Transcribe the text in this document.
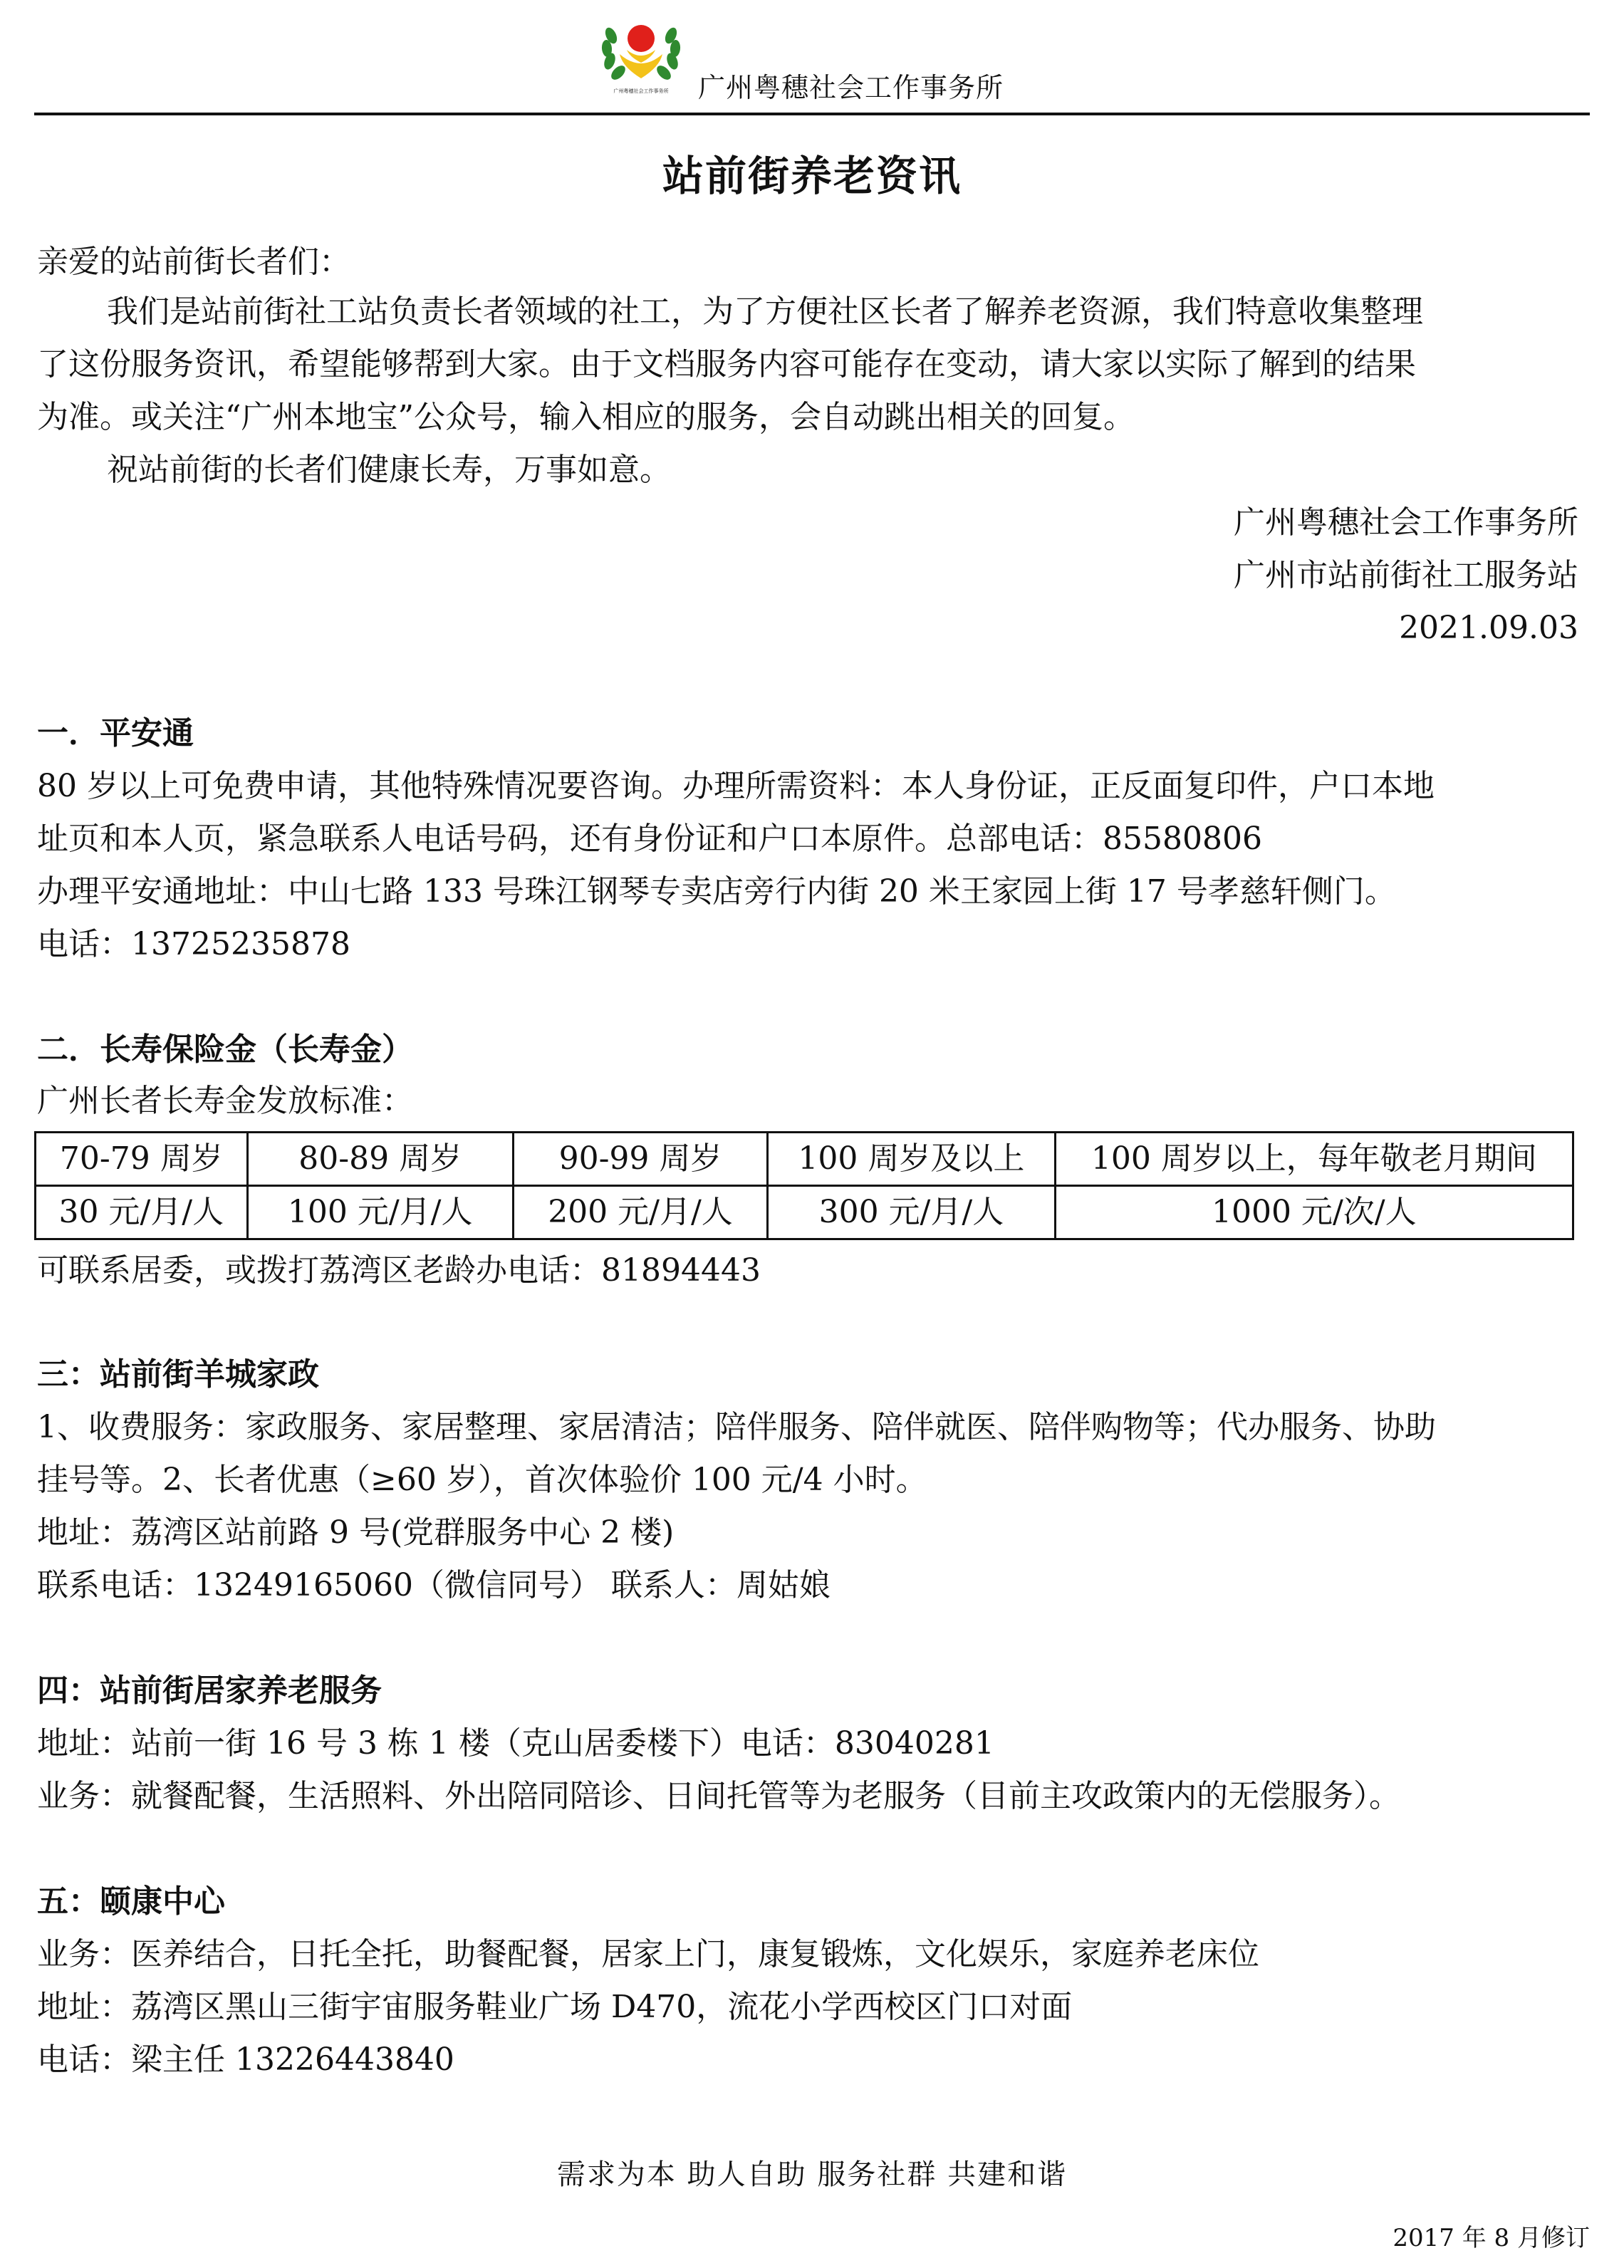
广州粤穗社会工作事务所 广州粤穗社会工作事务所
站前街养老资讯
亲爱的站前街长者们：
我们是站前街社工站负责长者领域的社工，为了方便社区长者了解养老资源，我们特意收集整理
了这份服务资讯，希望能够帮到大家。由于文档服务内容可能存在变动，请大家以实际了解到的结果
为准。或关注“广州本地宝”公众号，输入相应的服务，会自动跳出相关的回复。
祝站前街的长者们健康长寿，万事如意。
广州粤穗社会工作事务所
广州市站前街社工服务站
2021.09.03
一．平安通
80 岁以上可免费申请，其他特殊情况要咨询。办理所需资料：本人身份证，正反面复印件，户口本地
址页和本人页，紧急联系人电话号码，还有身份证和户口本原件。总部电话：85580806
办理平安通地址：中山七路 133 号珠江钢琴专卖店旁行内街 20 米王家园上街 17 号孝慈轩侧门。
电话：13725235878
二．长寿保险金（长寿金）
广州长者长寿金发放标准：
70-79 周岁	80-89 周岁	90-99 周岁	100 周岁及以上	100 周岁以上，每年敬老月期间
30 元/月/人	100 元/月/人	200 元/月/人	300 元/月/人	1000 元/次/人
可联系居委，或拨打荔湾区老龄办电话：81894443
三：站前街羊城家政
1、收费服务：家政服务、家居整理、家居清洁；陪伴服务、陪伴就医、陪伴购物等；代办服务、协助
挂号等。2、长者优惠（≥60 岁），首次体验价 100 元/4 小时。
地址：荔湾区站前路 9 号(党群服务中心 2 楼)
联系电话：13249165060（微信同号） 联系人：周姑娘
四：站前街居家养老服务
地址：站前一街 16 号 3 栋 1 楼（克山居委楼下）电话：83040281
业务：就餐配餐，生活照料、外出陪同陪诊、日间托管等为老服务（目前主攻政策内的无偿服务）。
五：颐康中心
业务：医养结合，日托全托，助餐配餐，居家上门，康复锻炼，文化娱乐，家庭养老床位
地址：荔湾区黑山三街宇宙服务鞋业广场 D470，流花小学西校区门口对面
电话：梁主任 13226443840
需求为本 助人自助 服务社群 共建和谐
2017 年 8 月修订
